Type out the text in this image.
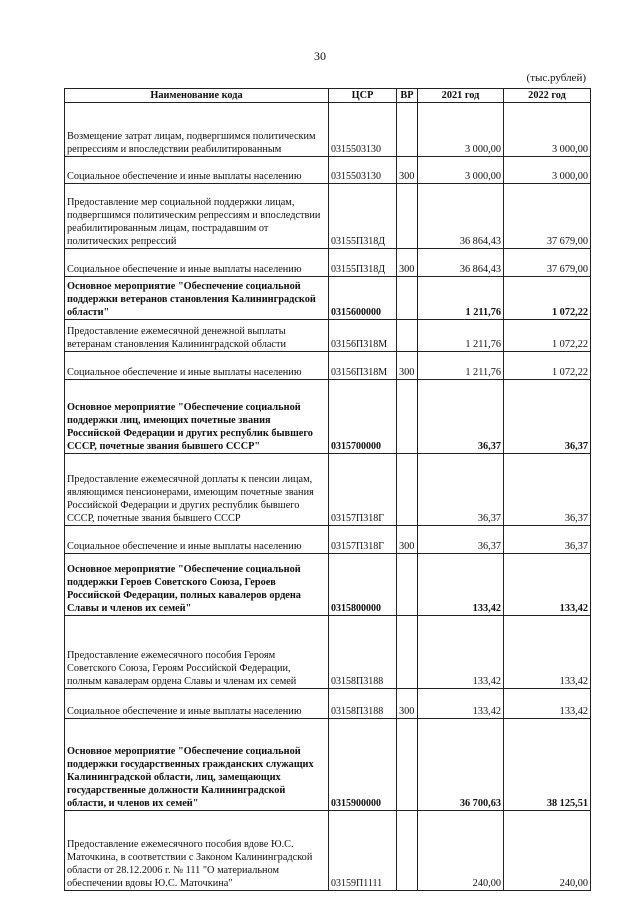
30
(тыс.рублей)
Наименование кода	ЦСР	ВР	2021 год	2022 год
Возмещение затрат лицам, подвергшимся политическим репрессиям и впоследствии реабилитированным	0315503130		3 000,00	3 000,00
Социальное обеспечение и иные выплаты населению	0315503130	300	3 000,00	3 000,00
Предоставление мер социальной поддержки лицам, подвергшимся политическим репрессиям и впоследствии реабилитированным лицам, пострадавшим от политических репрессий	03155П318Д		36 864,43	37 679,00
Социальное обеспечение и иные выплаты населению	03155П318Д	300	36 864,43	37 679,00
Основное мероприятие "Обеспечение социальной поддержки ветеранов становления Калининградской области"	0315600000		1 211,76	1 072,22
Предоставление ежемесячной денежной выплаты ветеранам становления Калининградской области	03156П318М		1 211,76	1 072,22
Социальное обеспечение и иные выплаты населению	03156П318М	300	1 211,76	1 072,22
Основное мероприятие "Обеспечение социальной поддержки лиц, имеющих почетные звания Российской Федерации и других республик бывшего СССР, почетные звания бывшего СССР"	0315700000		36,37	36,37
Предоставление ежемесячной доплаты к пенсии лицам, являющимся пенсионерами, имеющим почетные звания Российской Федерации и других республик бывшего СССР, почетные звания бывшего СССР	03157П318Г		36,37	36,37
Социальное обеспечение и иные выплаты населению	03157П318Г	300	36,37	36,37
Основное мероприятие "Обеспечение социальной поддержки Героев Советского Союза, Героев Российской Федерации, полных кавалеров ордена Славы и членов их семей"	0315800000		133,42	133,42
Предоставление ежемесячного пособия Героям Советского Союза, Героям Российской Федерации, полным кавалерам ордена Славы и членам их семей	03158П3188		133,42	133,42
Социальное обеспечение и иные выплаты населению	03158П3188	300	133,42	133,42
Основное мероприятие "Обеспечение социальной поддержки государственных гражданских служащих Калининградской области, лиц, замещающих государственные должности Калининградской области, и членов их семей"	0315900000		36 700,63	38 125,51
Предоставление ежемесячного пособия вдове Ю.С. Маточкина, в соответствии с Законом Калининградской области от 28.12.2006 г. № 111 "О материальном обеспечении вдовы Ю.С. Маточкина"	03159П1111		240,00	240,00
